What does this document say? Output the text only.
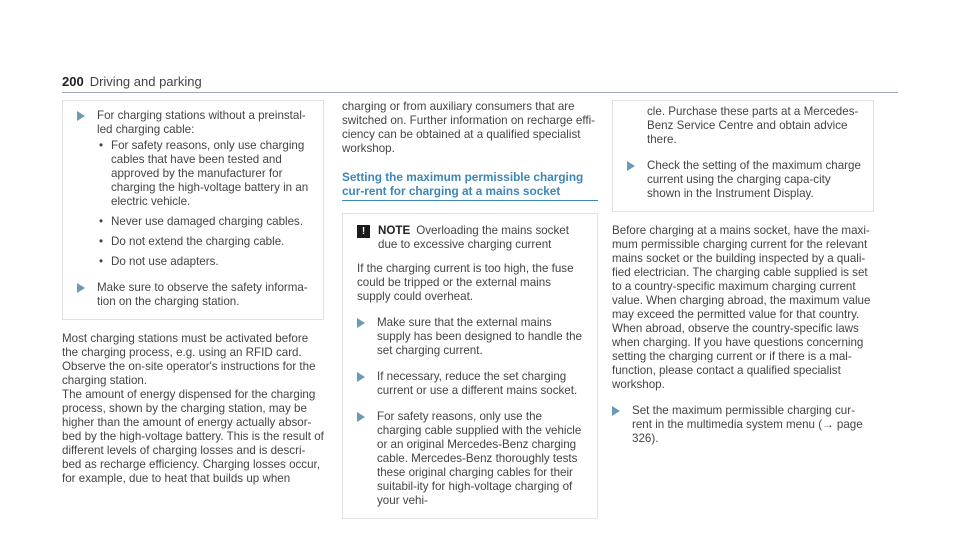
200 Driving and parking

For charging stations without a preinstal-led charging cable:

• For safety reasons, only use charging cables that have been tested and approved by the manufacturer for charging the high-voltage battery in an electric vehicle.
• Never use damaged charging cables.
• Do not extend the charging cable.
• Do not use adapters.

Make sure to observe the safety informa-tion on the charging station.

Most charging stations must be activated before the charging process, e.g. using an RFID card. Observe the on-site operator's instructions for the charging station.

The amount of energy dispensed for the charging process, shown by the charging station, may be higher than the amount of energy actually absor-bed by the high-voltage battery. This is the result of different levels of charging losses and is descri-bed as recharge efficiency. Charging losses occur, for example, due to heat that builds up when

charging or from auxiliary consumers that are switched on. Further information on recharge effi-ciency can be obtained at a qualified specialist workshop.

Setting the maximum permissible charging cur-rent for charging at a mains socket
!	NOTE Overloading the mains socket due to excessive charging current

If the charging current is too high, the fuse could be tripped or the external mains supply could overheat.

Make sure that the external mains supply has been designed to handle the set charging current.

If necessary, reduce the set charging current or use a different mains socket.

For safety reasons, only use the charging cable supplied with the vehicle or an original Mercedes-Benz charging cable. Mercedes-Benz thoroughly tests these original charging cables for their suitabil-ity for high-voltage charging of your vehi-

cle. Purchase these parts at a Mercedes-Benz Service Centre and obtain advice there.

Check the setting of the maximum charge current using the charging capa-city shown in the Instrument Display.

Before charging at a mains socket, have the maxi-mum permissible charging current for the relevant mains socket or the building inspected by a quali-fied electrician. The charging cable supplied is set to a country-specific maximum charging current value. When charging abroad, the maximum value may exceed the permitted value for that country. When abroad, observe the country-specific laws when charging. If you have questions concerning setting the charging current or if there is a mal-function, please contact a qualified specialist workshop.

Set the maximum permissible charging cur-rent in the multimedia system menu (→ page 326).
